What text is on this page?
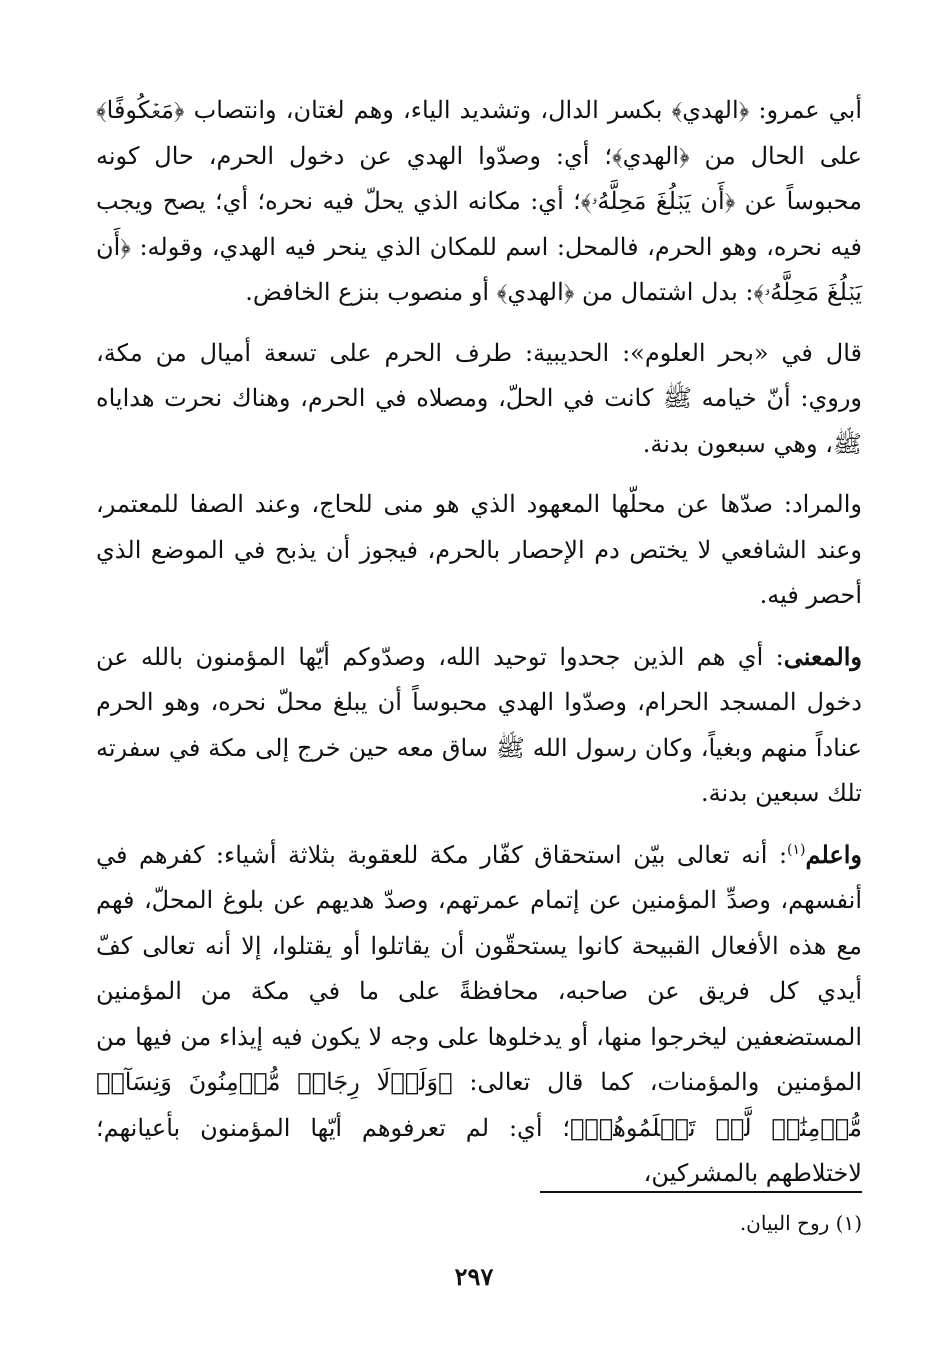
أبي عمرو: ﴿الهدي﴾ بكسر الدال، وتشديد الياء، وهم لغتان، وانتصاب ﴿مَعۡكُوفًا﴾ على الحال من ﴿الهدي﴾؛ أي: وصدّوا الهدي عن دخول الحرم، حال كونه محبوساً عن ﴿أَن يَبۡلُغَ مَحِلَّهُۥ﴾؛ أي: مكانه الذي يحلّ فيه نحره؛ أي؛ يصح ويجب فيه نحره، وهو الحرم، فالمحل: اسم للمكان الذي ينحر فيه الهدي، وقوله: ﴿أَن يَبۡلُغَ مَحِلَّهُۥ﴾: بدل اشتمال من ﴿الهدي﴾ أو منصوب بنزع الخافض.

قال في «بحر العلوم»: الحديبية: طرف الحرم على تسعة أميال من مكة، وروي: أنّ خيامه ﷺ كانت في الحلّ، ومصلاه في الحرم، وهناك نحرت هداياه ﷺ، وهي سبعون بدنة.

والمراد: صدّها عن محلّها المعهود الذي هو منى للحاج، وعند الصفا للمعتمر، وعند الشافعي لا يختص دم الإحصار بالحرم، فيجوز أن يذبح في الموضع الذي أحصر فيه.

والمعنى: أي هم الذين جحدوا توحيد الله، وصدّوكم أيّها المؤمنون بالله عن دخول المسجد الحرام، وصدّوا الهدي محبوساً أن يبلغ محلّ نحره، وهو الحرم عناداً منهم وبغياً، وكان رسول الله ﷺ ساق معه حين خرج إلى مكة في سفرته تلك سبعين بدنة.

واعلم$^{(١)}$: أنه تعالى بيّن استحقاق كفّار مكة للعقوبة بثلاثة أشياء: كفرهم في أنفسهم، وصدِّ المؤمنين عن إتمام عمرتهم، وصدّ هديهم عن بلوغ المحلّ، فهم مع هذه الأفعال القبيحة كانوا يستحقّون أن يقاتلوا أو يقتلوا، إلا أنه تعالى كفّ أيدي كل فريق عن صاحبه، محافظةً على ما في مكة من المؤمنين المستضعفين ليخرجوا منها، أو يدخلوها على وجه لا يكون فيه إيذاء من فيها من المؤمنين والمؤمنات، كما قال تعالى: ﴿وَلَوۡلَا رِجَالٞ مُّؤۡمِنُونَ وَنِسَآءٞ مُّؤۡمِنَٰتٞ لَّمۡ تَعۡلَمُوهُمۡ﴾؛ أي: لم تعرفوهم أيّها المؤمنون بأعيانهم؛ لاختلاطهم بالمشركين،

(١) روح البيان.
٢٩٧
